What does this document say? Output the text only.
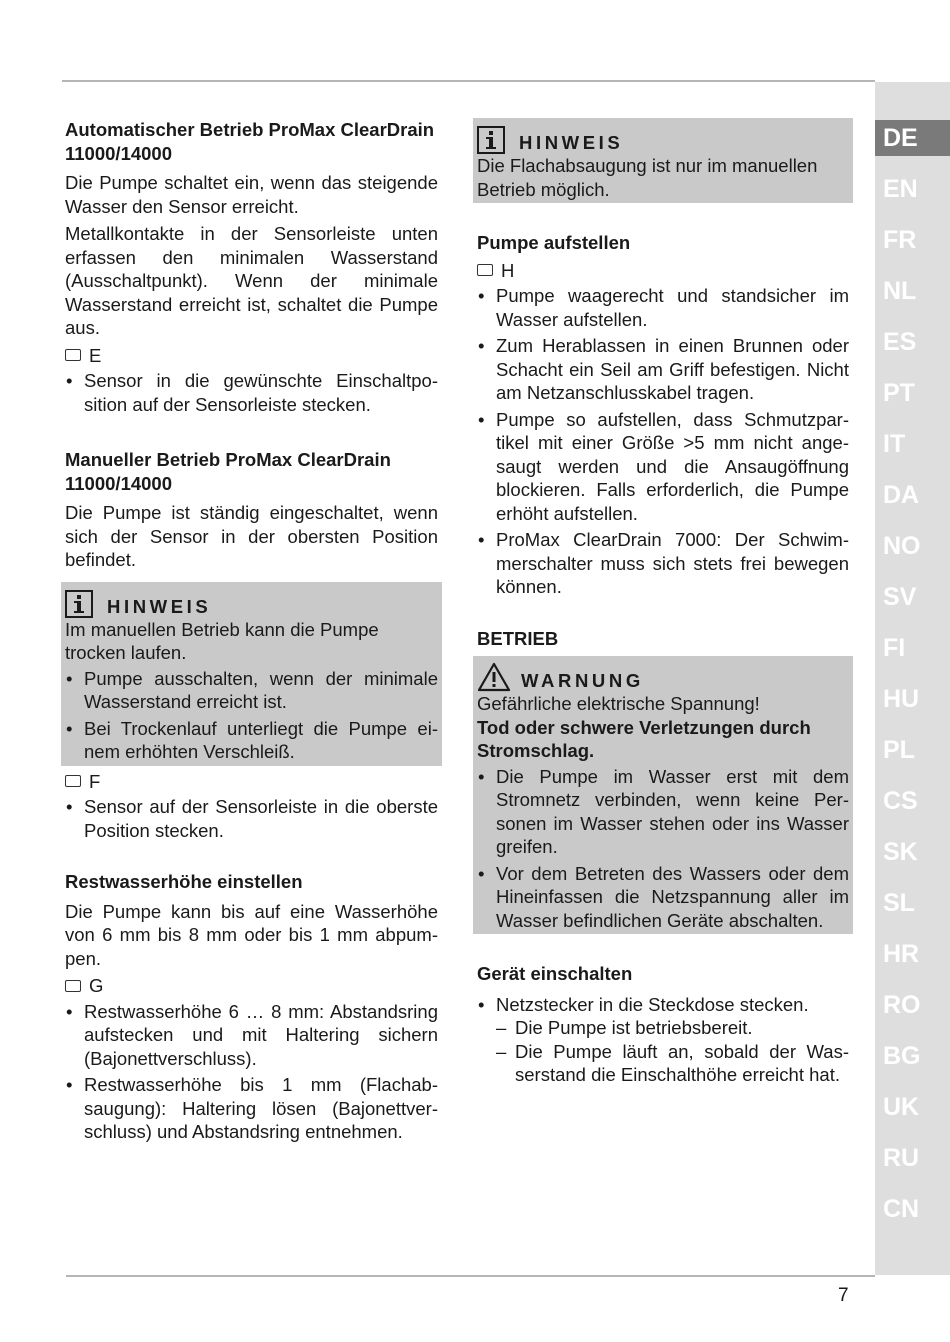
Automatischer Betrieb ProMax ClearDrain 11000/14000

Die Pumpe schaltet ein, wenn das steigende Wasser den Sensor erreicht.

Metallkontakte in der Sensorleiste unten erfassen den minimalen Wasserstand (Ausschaltpunkt). Wenn der minimale Wasserstand erreicht ist, schaltet die Pumpe aus.

E
• Sensor in die gewünschte Einschaltposition auf der Sensorleiste stecken.

Manueller Betrieb ProMax ClearDrain 11000/14000

Die Pumpe ist ständig eingeschaltet, wenn sich der Sensor in der obersten Position befindet.

HINWEIS

Im manuellen Betrieb kann die Pumpe trocken laufen.

• Pumpe ausschalten, wenn der minimale Wasserstand erreicht ist.
• Bei Trockenlauf unterliegt die Pumpe einem erhöhten Verschleiß.
F
• Sensor auf der Sensorleiste in die oberste Position stecken.

Restwasserhöhe einstellen

Die Pumpe kann bis auf eine Wasserhöhe von 6 mm bis 8 mm oder bis 1 mm abpumpen.

G
• Restwasserhöhe 6 … 8 mm: Abstandsring aufstecken und mit Haltering sichern (Bajonettverschluss).
• Restwasserhöhe bis 1 mm (Flachabsaugung): Haltering lösen (Bajonettverschluss) und Abstandsring entnehmen.
HINWEIS

Die Flachabsaugung ist nur im manuellen Betrieb möglich.

Pumpe aufstellen

H
• Pumpe waagerecht und standsicher im Wasser aufstellen.
• Zum Herablassen in einen Brunnen oder Schacht ein Seil am Griff befestigen. Nicht am Netzanschlusskabel tragen.
• Pumpe so aufstellen, dass Schmutzpartikel mit einer Größe >5 mm nicht angesaugt werden und die Ansaugöffnung blockieren. Falls erforderlich, die Pumpe erhöht aufstellen.
• ProMax ClearDrain 7000: Der Schwimmerschalter muss sich stets frei bewegen können.

BETRIEB

WARNUNG

Gefährliche elektrische Spannung!

Tod oder schwere Verletzungen durch Stromschlag.

• Die Pumpe im Wasser erst mit dem Stromnetz verbinden, wenn keine Personen im Wasser stehen oder ins Wasser greifen.
• Vor dem Betreten des Wassers oder dem Hineinfassen die Netzspannung aller im Wasser befindlichen Geräte abschalten.

Gerät einschalten

• Netzstecker in die Steckdose stecken.
– Die Pumpe ist betriebsbereit.
– Die Pumpe läuft an, sobald der Wasserstand die Einschalthöhe erreicht hat.
DE
EN
FR
NL
ES
PT
IT
DA
NO
SV
FI
HU
PL
CS
SK
SL
HR
RO
BG
UK
RU
CN
7
